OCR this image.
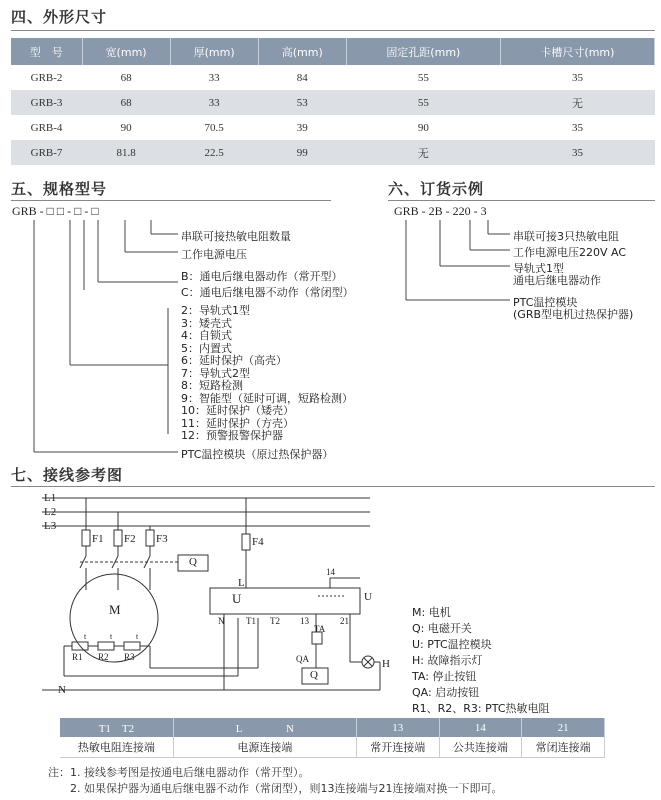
四、外形尺寸
型　号	宽(mm)	厚(mm)	高(mm)	固定孔距(mm)	卡槽尺寸(mm)
GRB-2	68	33	84	55	35
GRB-3	68	33	53	55	无
GRB-4	90	70.5	39	90	35
GRB-7	81.8	22.5	99	无	35
五、规格型号
GRB - □ □ - □ - □
六、订货示例
GRB - 2B - 220 - 3
串联可接热敏电阻数量
工作电源电压
B：通电后继电器动作（常开型）
C：通电后继电器不动作（常闭型）
2：导轨式1型
3：矮壳式
4：自锁式
5：内置式
6：延时保护（高壳）
7：导轨式2型
8：短路检测
9：智能型（延时可调，短路检测）
10：延时保护（矮壳）
11：延时保护（方壳）
12：预警报警保护器
PTC温控模块（原过热保护器）
串联可接3只热敏电阻
工作电源电压220V AC
导轨式1型
通电后继电器动作
PTC温控模块
(GRB型电机过热保护器)
七、接线参考图
L1
L2
L3
N
F1 F2 F3	F4
Q
M
t	t	t
R1 R2 R3
L
14
U	U
N T1 T2 13	21
TA
QA
Q
H
M: 电机
Q: 电磁开关
U: PTC温控模块
H: 故障指示灯
TA: 停止按钮
QA: 启动按钮
R1、R2、R3: PTC热敏电阻
T1　T2	L　　　　N	13	14	21
热敏电阻连接端	电源连接端	常开连接端	公共连接端	常闭连接端
注：1. 接线参考图是按通电后继电器动作（常开型）。
2. 如果保护器为通电后继电器不动作（常闭型），则13连接端与21连接端对换一下即可。
